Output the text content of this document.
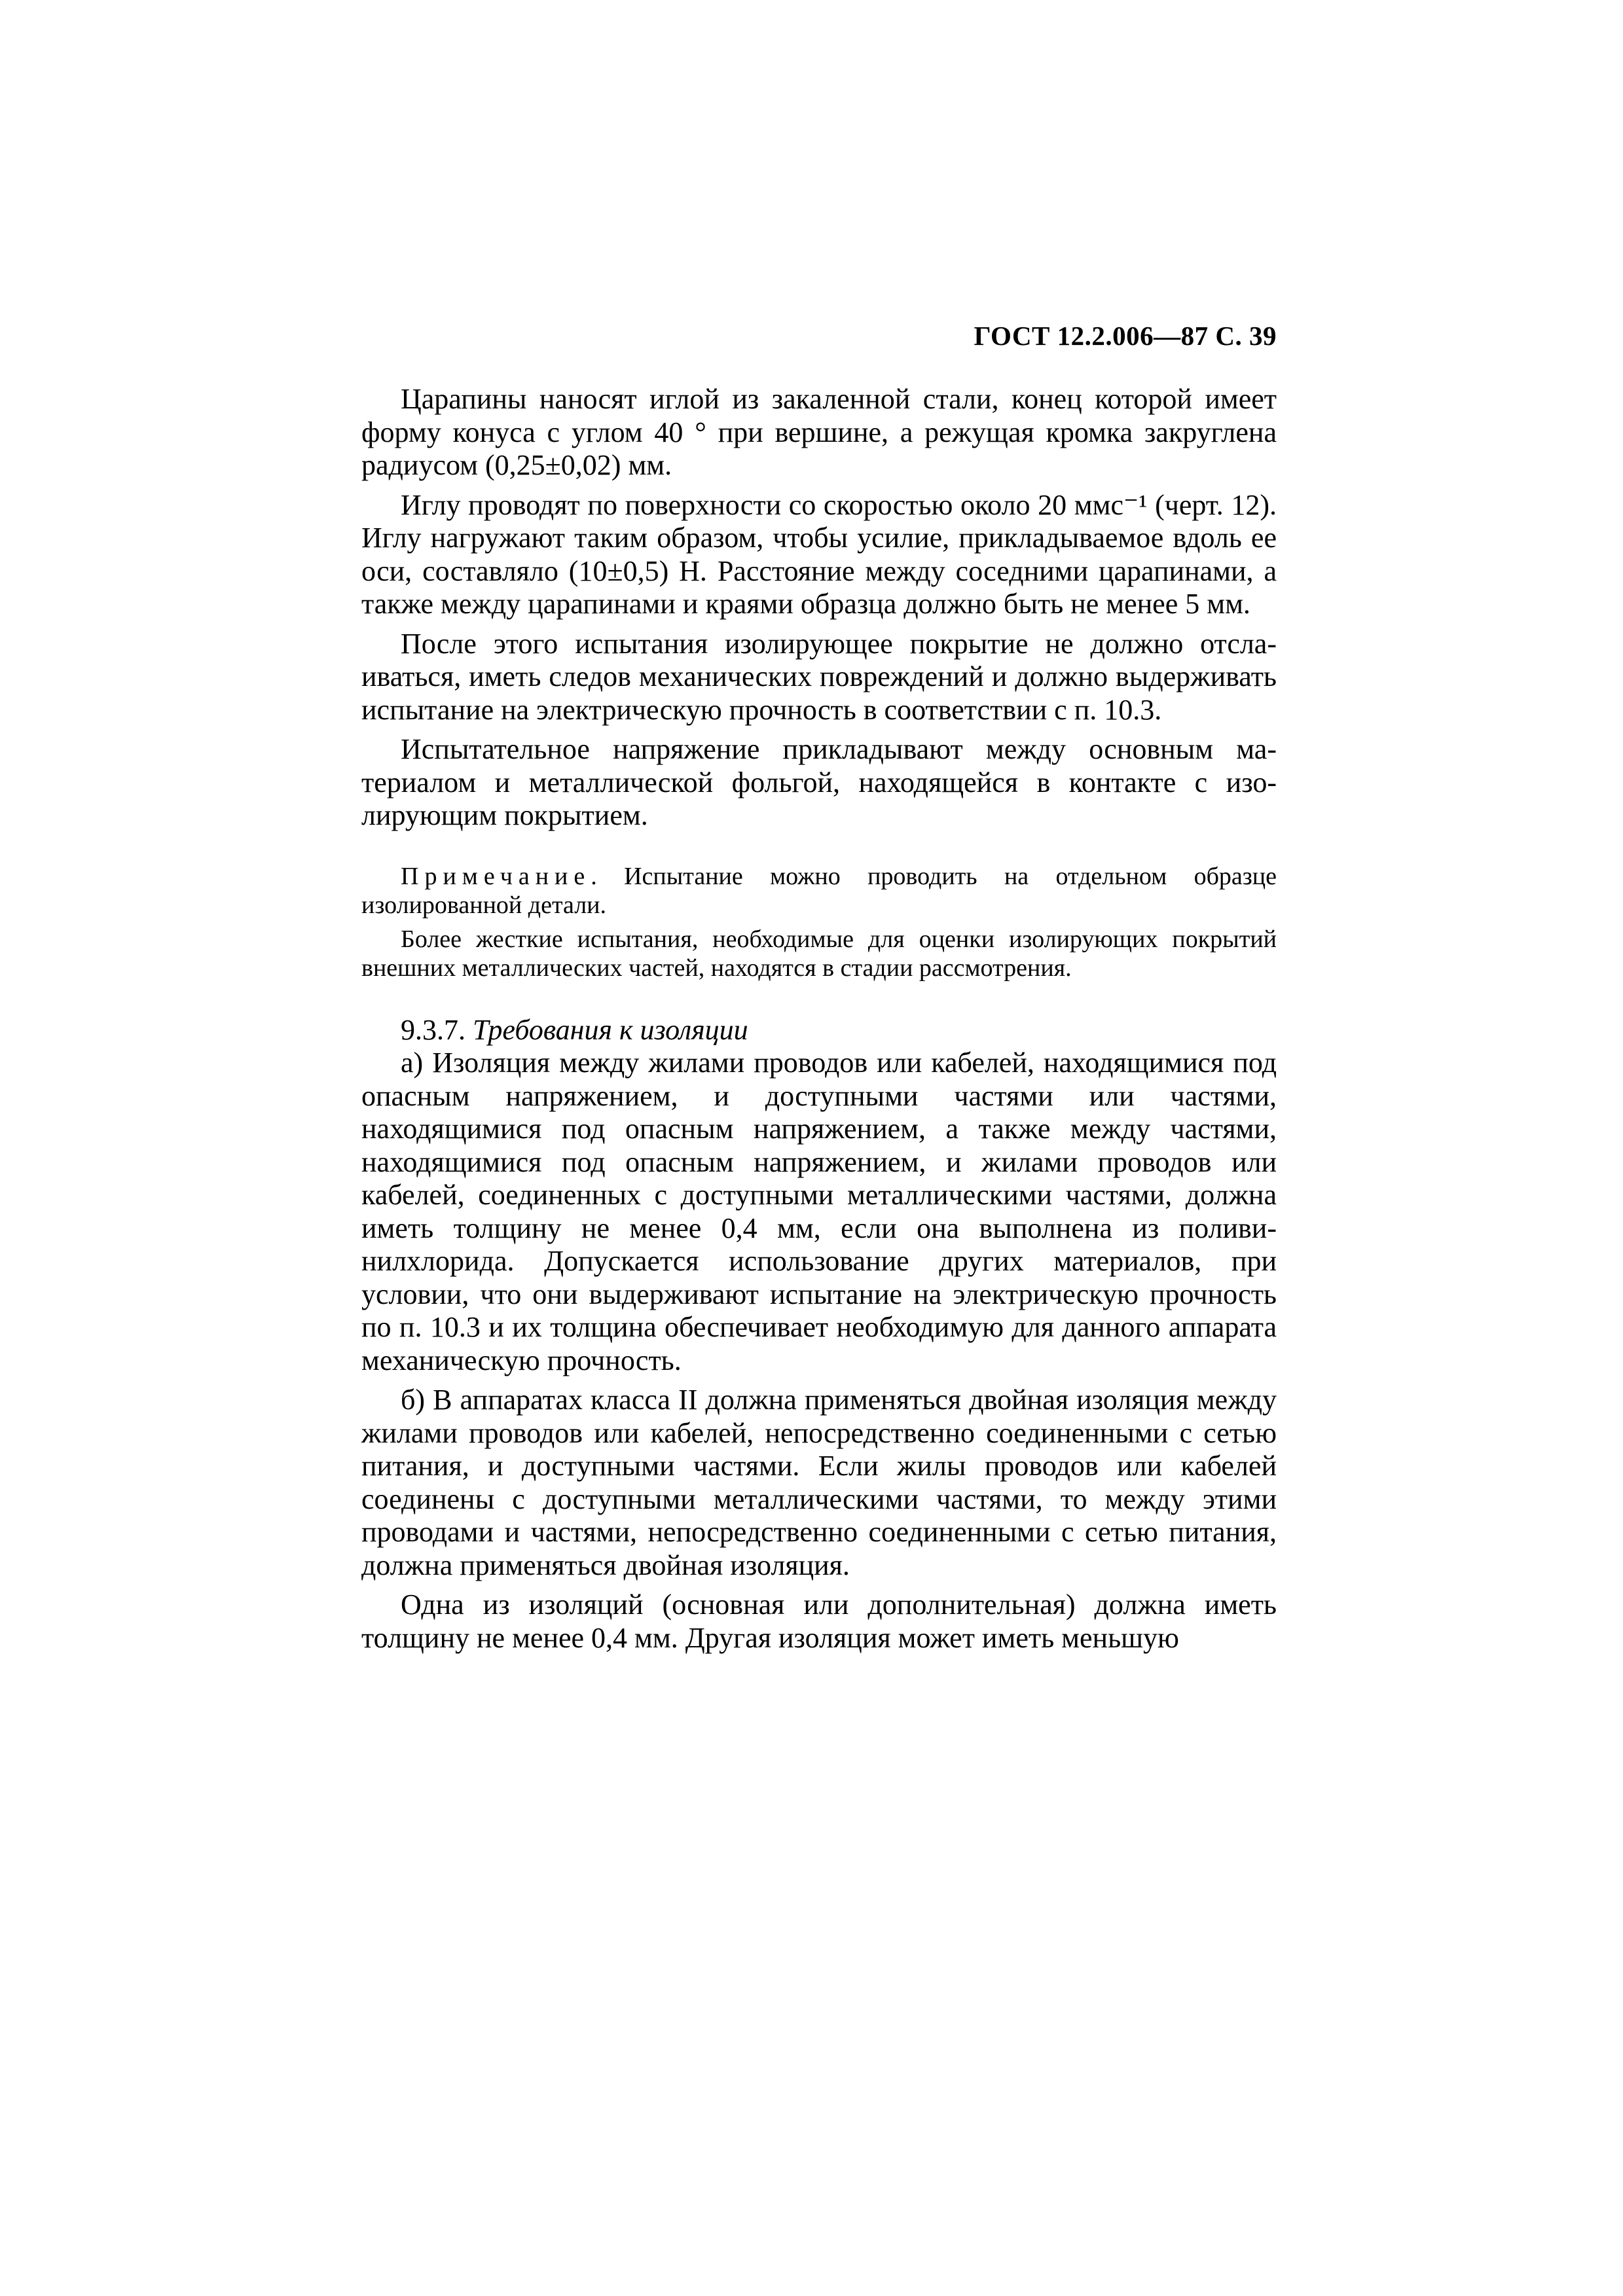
ГОСТ 12.2.006—87 С. 39

Царапины наносят иглой из закаленной стали, конец которой имеет форму конуса с углом 40 ° при вершине, а режущая кромка закруглена радиусом (0,25±0,02) мм.

Иглу проводят по поверхности со скоростью около 20 ммс⁻¹ (черт. 12). Иглу нагружают таким образом, чтобы усилие, прикладываемое вдоль ее оси, составляло (10±0,5) Н. Расстояние между соседними царапинами, а также между царапинами и краями образца должно быть не менее 5 мм.

После этого испытания изолирующее покрытие не должно отслаиваться, иметь следов механических повреждений и должно выдерживать испытание на электрическую прочность в соответствии с п. 10.3.

Испытательное напряжение прикладывают между основным материалом и металлической фольгой, находящейся в контакте с изолирующим покрытием.

Примечание. Испытание можно проводить на отдельном образце изолированной детали.

Более жесткие испытания, необходимые для оценки изолирующих покрытий внешних металлических частей, находятся в стадии рассмотрения.

9.3.7. Требования к изоляции

а) Изоляция между жилами проводов или кабелей, находящимися под опасным напряжением, и доступными частями или частями, находящимися под опасным напряжением, а также между частями, находящимися под опасным напряжением, и жилами проводов или кабелей, соединенных с доступными металлическими частями, должна иметь толщину не менее 0,4 мм, если она выполнена из поливинилхлорида. Допускается использование других материалов, при условии, что они выдерживают испытание на электрическую прочность по п. 10.3 и их толщина обеспечивает необходимую для данного аппарата механическую прочность.

б) В аппаратах класса II должна применяться двойная изоляция между жилами проводов или кабелей, непосредственно соединенными с сетью питания, и доступными частями. Если жилы проводов или кабелей соединены с доступными металлическими частями, то между этими проводами и частями, непосредственно соединенными с сетью питания, должна применяться двойная изоляция.

Одна из изоляций (основная или дополнительная) должна иметь толщину не менее 0,4 мм. Другая изоляция может иметь меньшую
